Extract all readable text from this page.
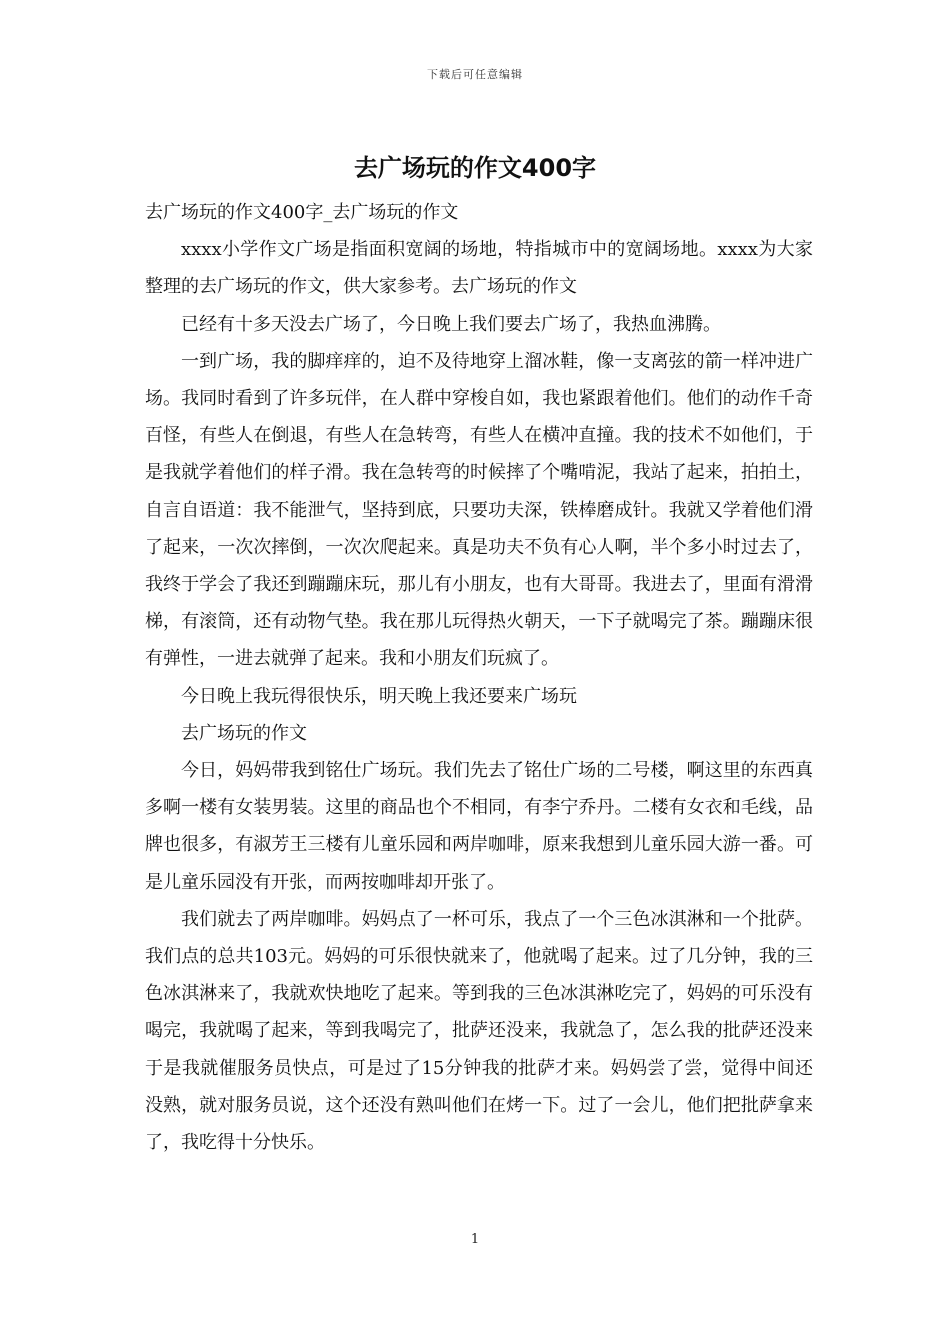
下载后可任意编辑
去广场玩的作文400字

去广场玩的作文400字_去广场玩的作文

xxxx小学作文广场是指面积宽阔的场地，特指城市中的宽阔场地。xxxx为大家整理的去广场玩的作文，供大家参考。去广场玩的作文

已经有十多天没去广场了，今日晚上我们要去广场了，我热血沸腾。

一到广场，我的脚痒痒的，迫不及待地穿上溜冰鞋，像一支离弦的箭一样冲进广场。我同时看到了许多玩伴，在人群中穿梭自如，我也紧跟着他们。他们的动作千奇百怪，有些人在倒退，有些人在急转弯，有些人在横冲直撞。我的技术不如他们，于是我就学着他们的样子滑。我在急转弯的时候摔了个嘴啃泥，我站了起来，拍拍土，自言自语道：我不能泄气，坚持到底，只要功夫深，铁棒磨成针。我就又学着他们滑了起来，一次次摔倒，一次次爬起来。真是功夫不负有心人啊，半个多小时过去了，我终于学会了我还到蹦蹦床玩，那儿有小朋友，也有大哥哥。我进去了，里面有滑滑梯，有滚筒，还有动物气垫。我在那儿玩得热火朝天，一下子就喝完了茶。蹦蹦床很有弹性，一进去就弹了起来。我和小朋友们玩疯了。

今日晚上我玩得很快乐，明天晚上我还要来广场玩

去广场玩的作文

今日，妈妈带我到铭仕广场玩。我们先去了铭仕广场的二号楼，啊这里的东西真多啊一楼有女装男装。这里的商品也个不相同，有李宁乔丹。二楼有女衣和毛线，品牌也很多，有淑芳王三楼有儿童乐园和两岸咖啡，原来我想到儿童乐园大游一番。可是儿童乐园没有开张，而两按咖啡却开张了。

我们就去了两岸咖啡。妈妈点了一杯可乐，我点了一个三色冰淇淋和一个批萨。我们点的总共103元。妈妈的可乐很快就来了，他就喝了起来。过了几分钟，我的三色冰淇淋来了，我就欢快地吃了起来。等到我的三色冰淇淋吃完了，妈妈的可乐没有喝完，我就喝了起来，等到我喝完了，批萨还没来，我就急了，怎么我的批萨还没来于是我就催服务员快点，可是过了15分钟我的批萨才来。妈妈尝了尝，觉得中间还没熟，就对服务员说，这个还没有熟叫他们在烤一下。过了一会儿，他们把批萨拿来了，我吃得十分快乐。

1
